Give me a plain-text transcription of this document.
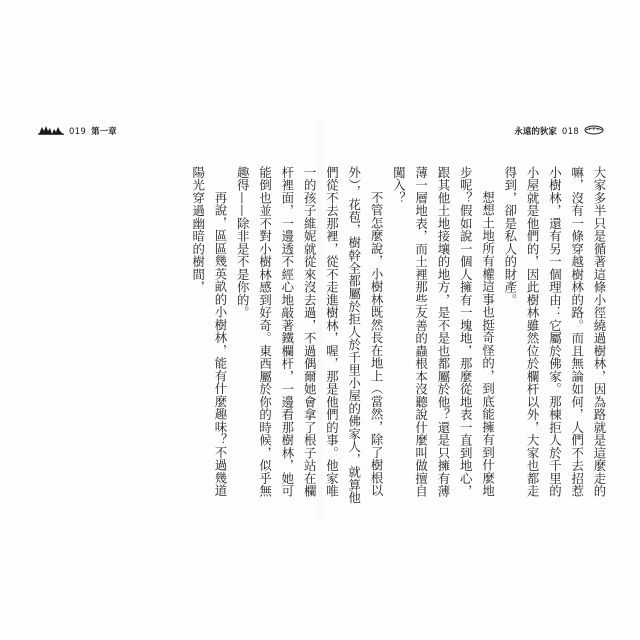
019 第一章	永遠的狄家 018

大家多半只是循著這條小徑繞過樹林，因為路就是這麼走的嘛，沒有一條穿越樹林的路。而且無論如何，人們不去招惹小樹林，還有另一個理由：它屬於佛家。那棟拒人於千里的小屋就是他們的，因此樹林雖然位於欄杆以外，大家也都走得到，卻是私人的財產。

想想土地所有權這事也挺奇怪的，到底能擁有到什麼地步呢？假如說一個人擁有一塊地，那麼從地表一直到地心，跟其他土地接壤的地方，是不是也都屬於他？還是只擁有薄薄一層地表，而土裡那些友善的蟲根本沒聽說什麼叫做擅自闖入？

不管怎麼說，小樹林既然長在地上（當然，除了樹根以外），花苞，樹幹全都屬於拒人於千里小屋的佛家人，就算他們從不去那裡，從不走進樹林，喔，那是他們的事。他家唯一的孩子維妮就從來沒去過，不過偶爾她會拿了根子站在欄杆裡面，一邊透不經心地敲著鐵欄杆，一邊看那樹林，她可能倒也並不對小樹林感到好奇。東西屬於你的時候，似乎無趣得——除非是不是你的。

再說，區區幾英畝的小樹林，能有什麼趣味？不過幾道陽光穿過幽暗的樹間，
